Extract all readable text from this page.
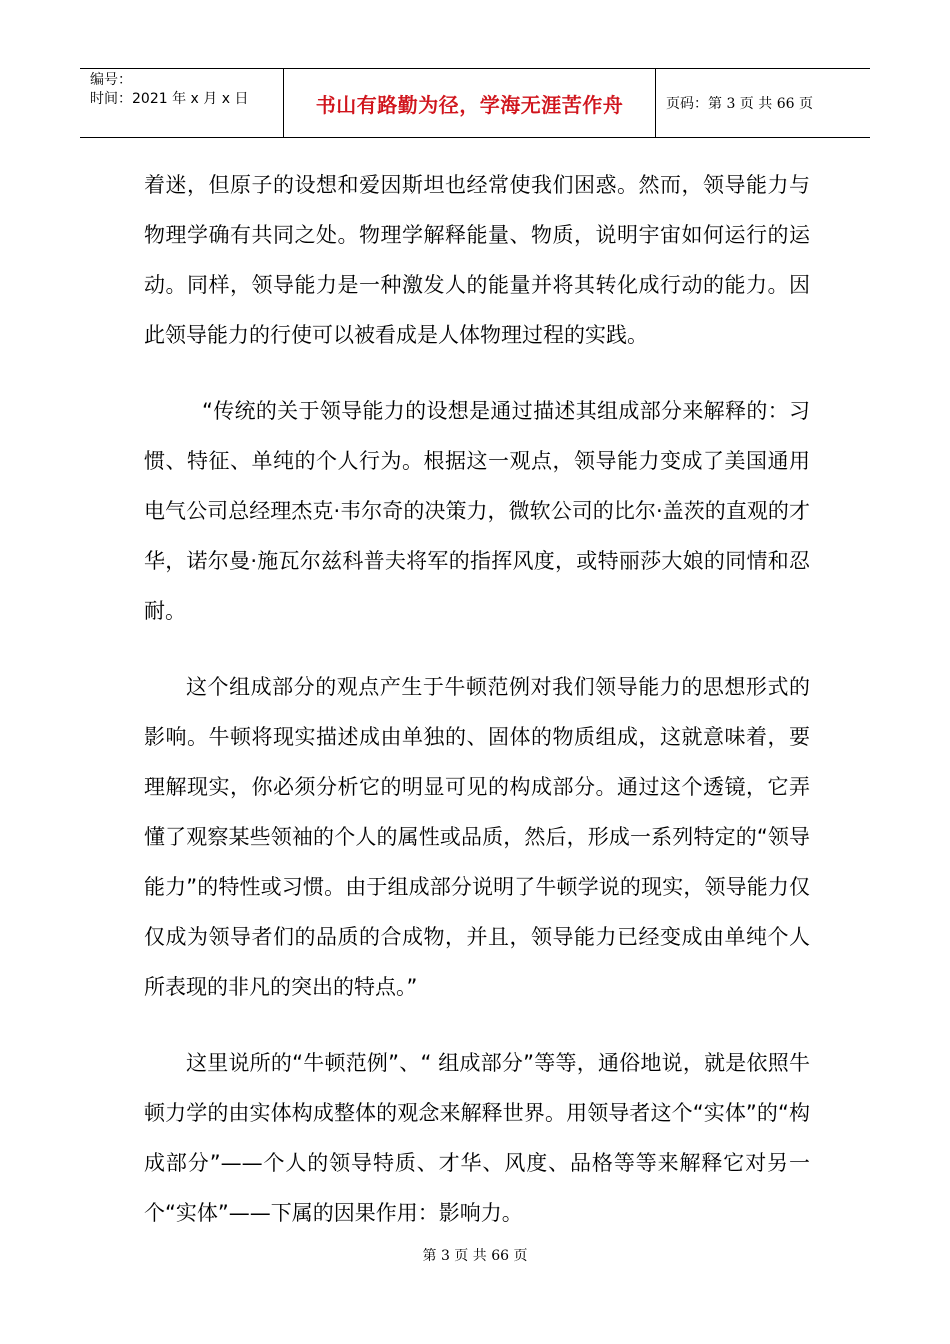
编号：
时间：2021 年 x 月 x 日	书山有路勤为径，学海无涯苦作舟	页码：第 3 页 共 66 页

着迷，但原子的设想和爱因斯坦也经常使我们困惑。然而，领导能力与物理学确有共同之处。物理学解释能量、物质，说明宇宙如何运行的运动。同样，领导能力是一种激发人的能量并将其转化成行动的能力。因此领导能力的行使可以被看成是人体物理过程的实践。

“传统的关于领导能力的设想是通过描述其组成部分来解释的：习惯、特征、单纯的个人行为。根据这一观点，领导能力变成了美国通用电气公司总经理杰克·韦尔奇的决策力，微软公司的比尔·盖茨的直观的才华，诺尔曼·施瓦尔兹科普夫将军的指挥风度，或特丽莎大娘的同情和忍耐。

这个组成部分的观点产生于牛顿范例对我们领导能力的思想形式的影响。牛顿将现实描述成由单独的、固体的物质组成，这就意味着，要理解现实，你必须分析它的明显可见的构成部分。通过这个透镜，它弄懂了观察某些领袖的个人的属性或品质，然后，形成一系列特定的“领导能力”的特性或习惯。由于组成部分说明了牛顿学说的现实，领导能力仅仅成为领导者们的品质的合成物，并且，领导能力已经变成由单纯个人所表现的非凡的突出的特点。”

这里说所的“牛顿范例”、“ 组成部分”等等，通俗地说，就是依照牛顿力学的由实体构成整体的观念来解释世界。用领导者这个“实体”的“构成部分”——个人的领导特质、才华、风度、品格等等来解释它对另一个“实体”——下属的因果作用：影响力。

第 3 页 共 66 页
